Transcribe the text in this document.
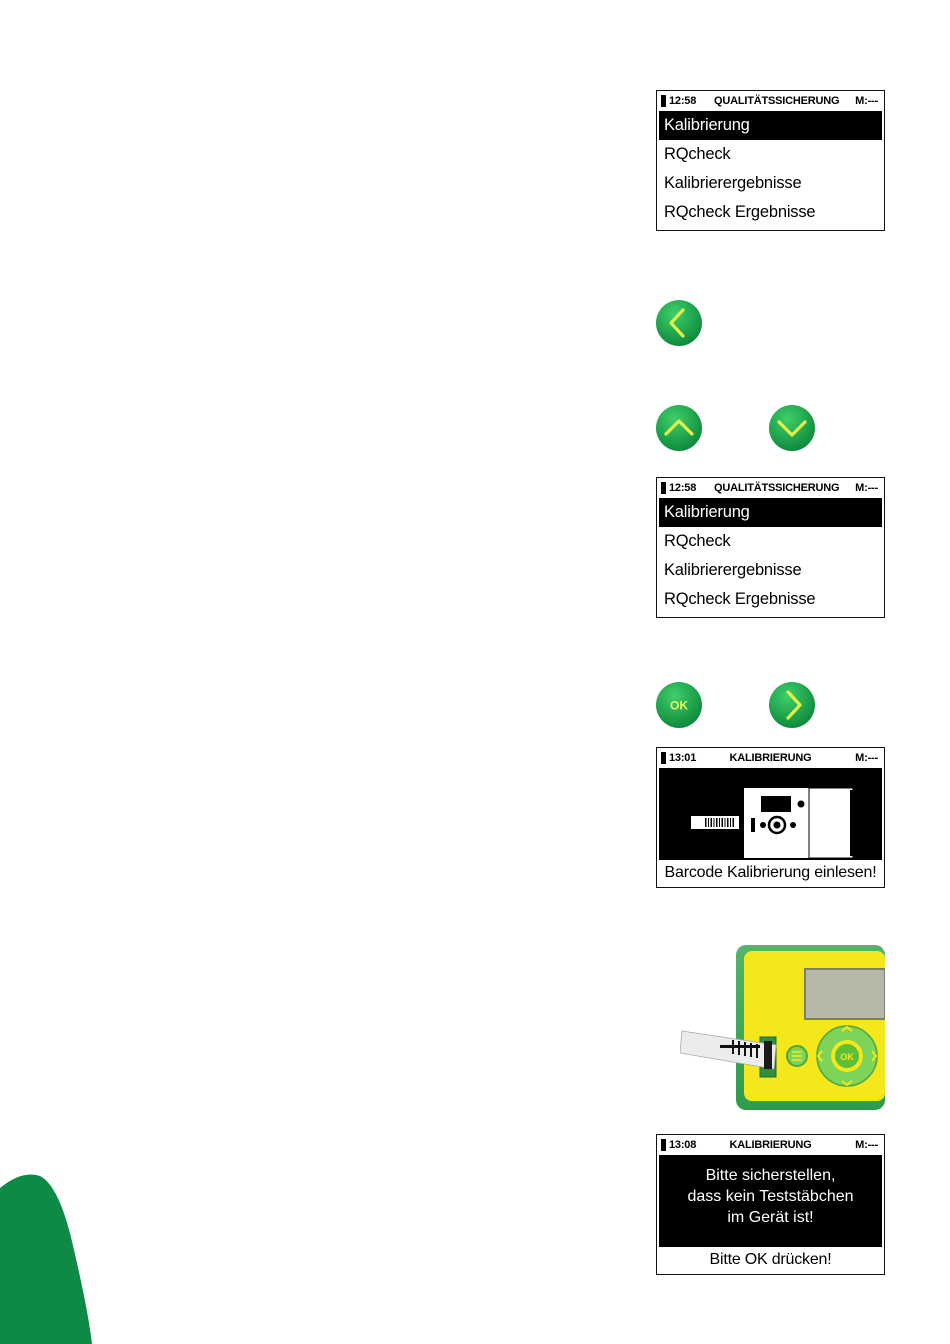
12:58 QUALITÄTSSICHERUNG M:---
Kalibrierung
RQcheck
Kalibrierergebnisse
RQcheck Ergebnisse
12:58 QUALITÄTSSICHERUNG M:---
Kalibrierung
RQcheck
Kalibrierergebnisse
RQcheck Ergebnisse
OK
13:01	KALIBRIERUNG	M:---
Barcode Kalibrierung einlesen!
OK
13:08	KALIBRIERUNG	M:---
Bitte sicherstellen,
dass kein Teststäbchen
im Gerät ist!
Bitte OK drücken!
